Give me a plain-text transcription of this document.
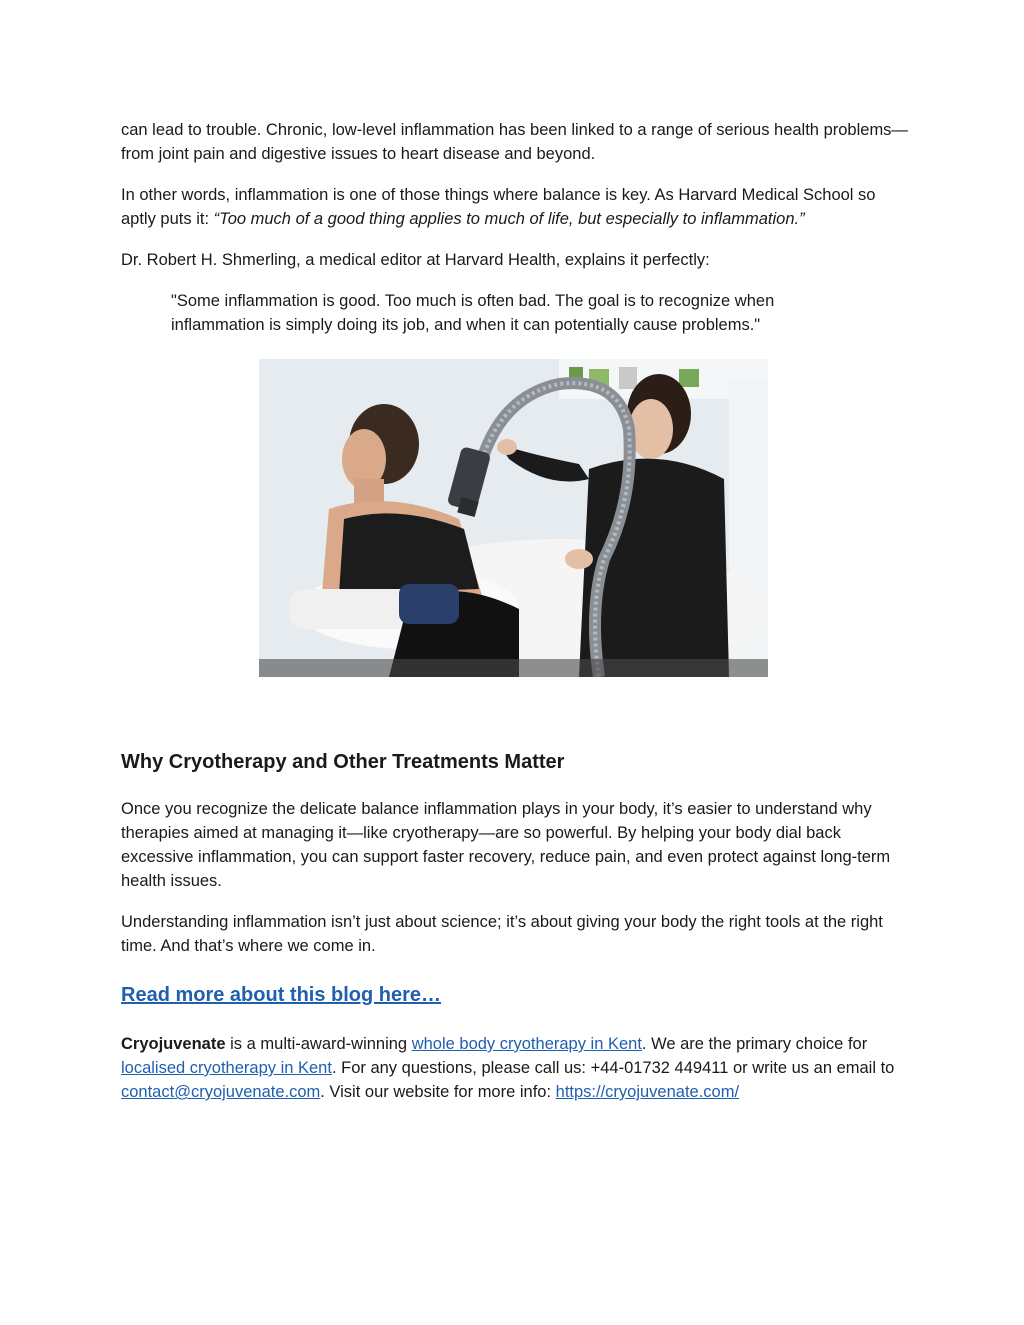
can lead to trouble. Chronic, low-level inflammation has been linked to a range of serious health problems—from joint pain and digestive issues to heart disease and beyond.

In other words, inflammation is one of those things where balance is key. As Harvard Medical School so aptly puts it: “Too much of a good thing applies to much of life, but especially to inflammation.”

Dr. Robert H. Shmerling, a medical editor at Harvard Health, explains it perfectly:

"Some inflammation is good. Too much is often bad. The goal is to recognize when inflammation is simply doing its job, and when it can potentially cause problems."

Why Cryotherapy and Other Treatments Matter

Once you recognize the delicate balance inflammation plays in your body, it’s easier to understand why therapies aimed at managing it—like cryotherapy—are so powerful. By helping your body dial back excessive inflammation, you can support faster recovery, reduce pain, and even protect against long-term health issues.

Understanding inflammation isn’t just about science; it’s about giving your body the right tools at the right time. And that’s where we come in.

Read more about this blog here…

Cryojuvenate is a multi-award-winning whole body cryotherapy in Kent. We are the primary choice for localised cryotherapy in Kent. For any questions, please call us: +44-01732 449411 or write us an email to contact@cryojuvenate.com. Visit our website for more info: https://cryojuvenate.com/
